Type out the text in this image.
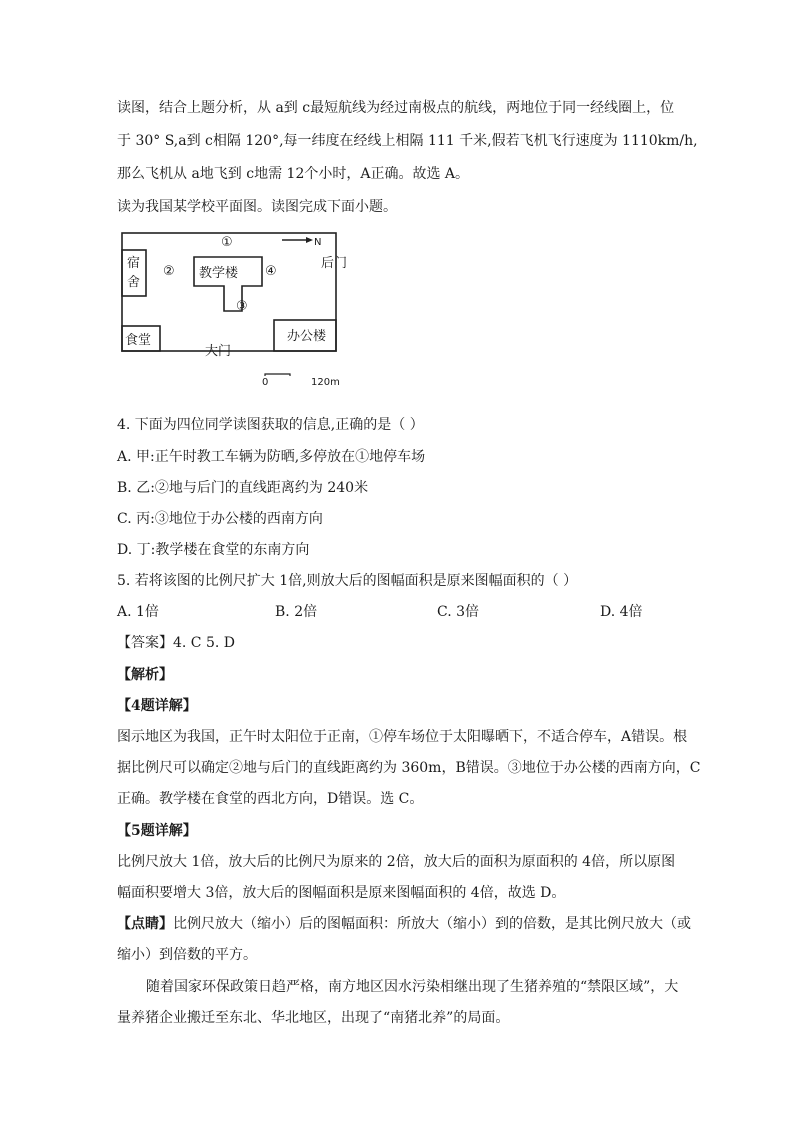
读图，结合上题分析，从 a到 c最短航线为经过南极点的航线，两地位于同一经线圈上，位
于 30° S,a到 c相隔 120°,每一纬度在经线上相隔 111 千米,假若飞机飞行速度为 1110km/h,
那么飞机从 a地飞到 c地需 12个小时，A正确。故选 A。
读为我国某学校平面图。读图完成下面小题。
①	N
宿
舍
② 教学楼 ④
后门
③
食堂	办公楼
大门
0	120m
4. 下面为四位同学读图获取的信息,正确的是（ ）
A. 甲:正午时教工车辆为防晒,多停放在①地停车场
B. 乙:②地与后门的直线距离约为 240米
C. 丙:③地位于办公楼的西南方向
D. 丁:教学楼在食堂的东南方向
5. 若将该图的比例尺扩大 1倍,则放大后的图幅面积是原来图幅面积的（ ）
A. 1倍	B. 2倍	C. 3倍	D. 4倍
【答案】4. C 5. D
【解析】
【4题详解】
图示地区为我国，正午时太阳位于正南，①停车场位于太阳曝晒下，不适合停车，A错误。根
据比例尺可以确定②地与后门的直线距离约为 360m，B错误。③地位于办公楼的西南方向，C
正确。教学楼在食堂的西北方向，D错误。选 C。
【5题详解】
比例尺放大 1倍，放大后的比例尺为原来的 2倍，放大后的面积为原面积的 4倍，所以原图
幅面积要增大 3倍，放大后的图幅面积是原来图幅面积的 4倍，故选 D。
【点睛】比例尺放大（缩小）后的图幅面积：所放大（缩小）到的倍数，是其比例尺放大（或
缩小）到倍数的平方。
随着国家环保政策日趋严格，南方地区因水污染相继出现了生猪养殖的“禁限区域”，大
量养猪企业搬迁至东北、华北地区，出现了“南猪北养”的局面。
